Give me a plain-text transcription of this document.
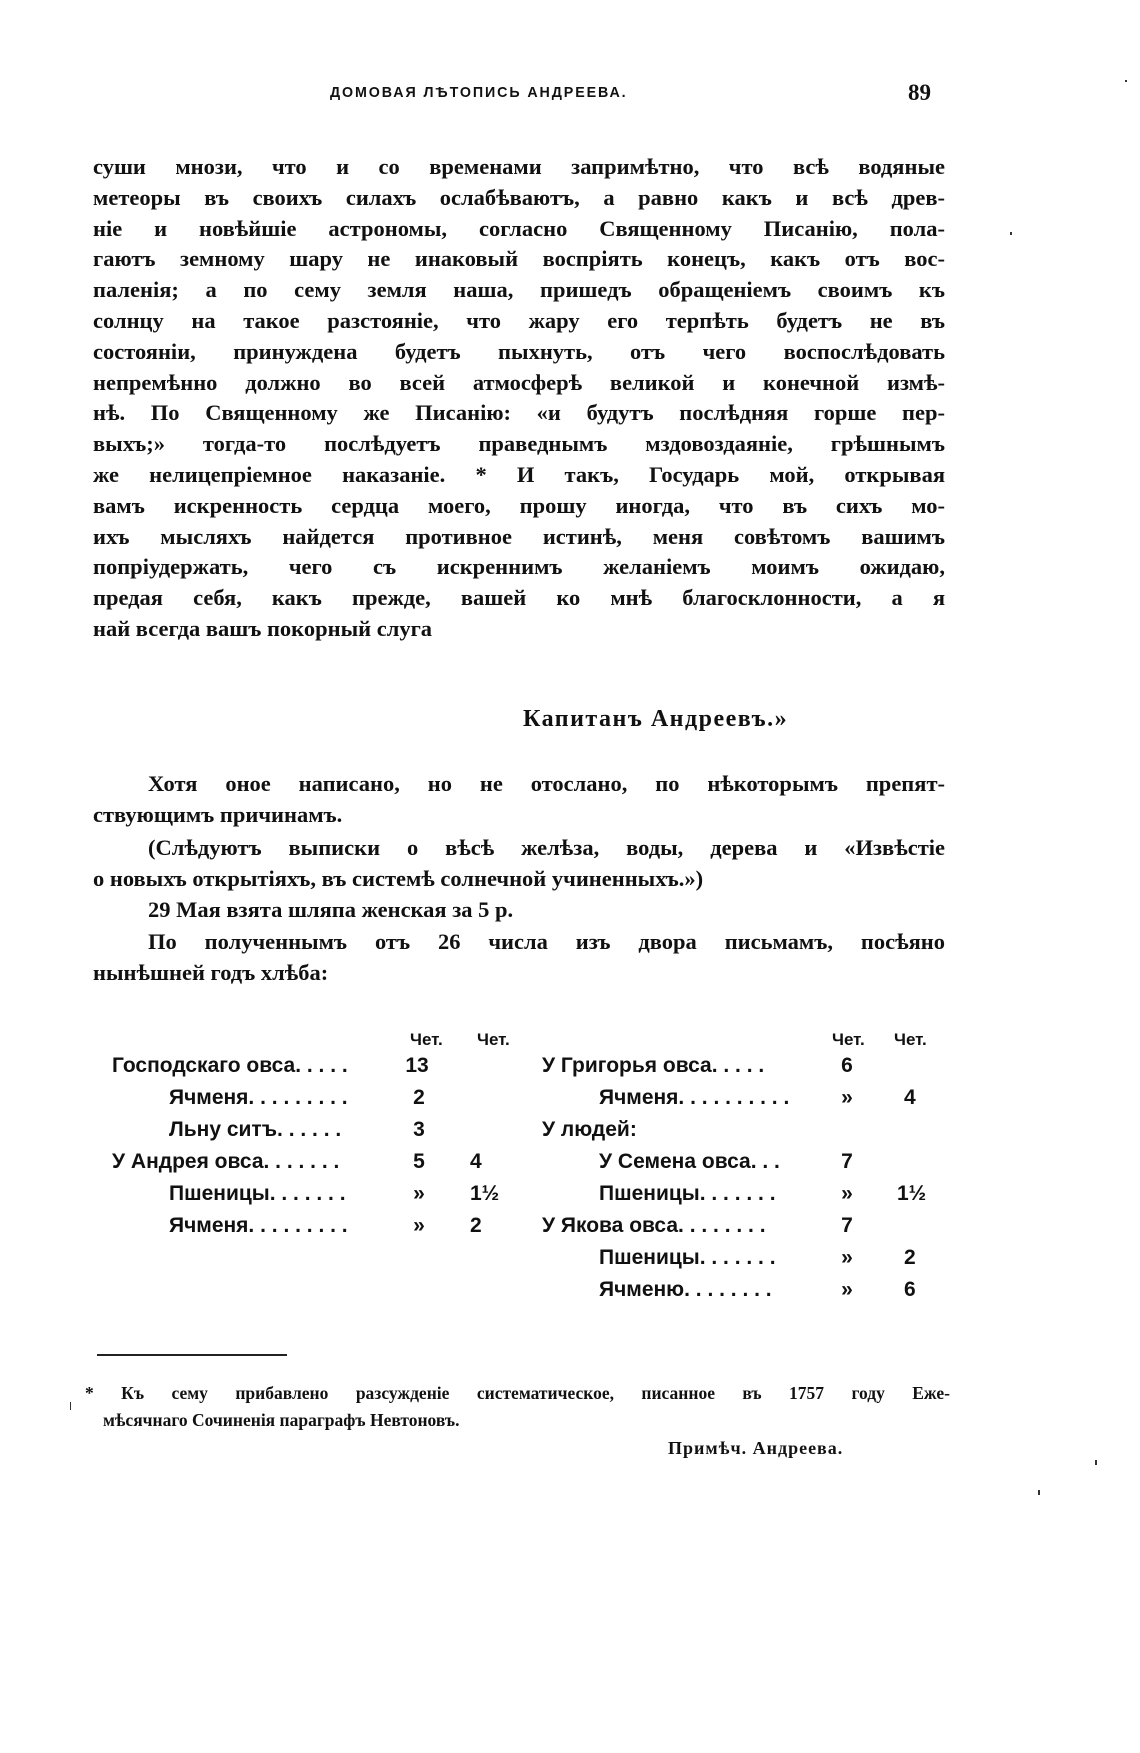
ДОМОВАЯ ЛѢТОПИСЬ АНДРЕЕВА.	89
суши мнози, что и со временами запримѣтно, что всѣ водяные
метеоры въ своихъ силахъ ослабѣваютъ, а равно какъ и всѣ древ-
ніе и новѣйшіе астрономы, согласно Священному Писанію, пола-
гаютъ земному шару не инаковый воспріять конецъ, какъ отъ вос-
паленія; а по сему земля наша, пришедъ обращеніемъ своимъ къ
солнцу на такое разстояніе, что жару его терпѣть будетъ не въ
состояніи, принуждена будетъ пыхнуть, отъ чего воспослѣдовать
непремѣнно должно во всей атмосферѣ великой и конечной измѣ-
нѣ. По Священному же Писанію: «и будутъ послѣдняя горше пер-
выхъ;» тогда-то послѣдуетъ праведнымъ мздовоздаяніе, грѣшнымъ
же нелицепріемное наказаніе. * И такъ, Государь мой, открывая
вамъ искренность сердца моего, прошу иногда, что въ сихъ мо-
ихъ мысляхъ найдется противное истинѣ, меня совѣтомъ вашимъ
попріудержать, чего съ искреннимъ желаніемъ моимъ ожидаю,
предая себя, какъ прежде, вашей ко мнѣ благосклонности, а я
най всегда вашъ покорный слуга
Капитанъ Андреевъ.»
Хотя оное написано, но не отослано, по нѣкоторымъ препят-
ствующимъ причинамъ.
(Слѣдуютъ выписки о вѣсѣ желѣза, воды, дерева и «Извѣстіе
о новыхъ открытіяхъ, въ системѣ солнечной учиненныхъ.»)
29 Мая взята шляпа женская за 5 р.
По полученнымъ отъ 26 числа изъ двора письмамъ, посѣяно
нынѣшней годъ хлѣба:
Чет. Чет.
Господскаго овса. . . . .	13
Ячменя. . . . . . . . .	2
Льну ситъ. . . . . .	3
У Андрея овса. . . . . . .	5	4
Пшеницы. . . . . . .	»	1½
Ячменя. . . . . . . . .	»	2
Чет. Чет.
У Григорья овса. . . . .	6
Ячменя. . . . . . . . . .	»	4
У людей:
У Семена овса. . .	7
Пшеницы. . . . . . .	»	1½
У Якова овса. . . . . . . .	7
Пшеницы. . . . . . .	»	2
Ячменю. . . . . . . .	»	6
* Къ сему прибавлено разсужденіе систематическое, писанное въ 1757 году Еже-
мѣсячнаго Сочиненія параграфъ Невтоновъ.
Примѣч. Андреева.
